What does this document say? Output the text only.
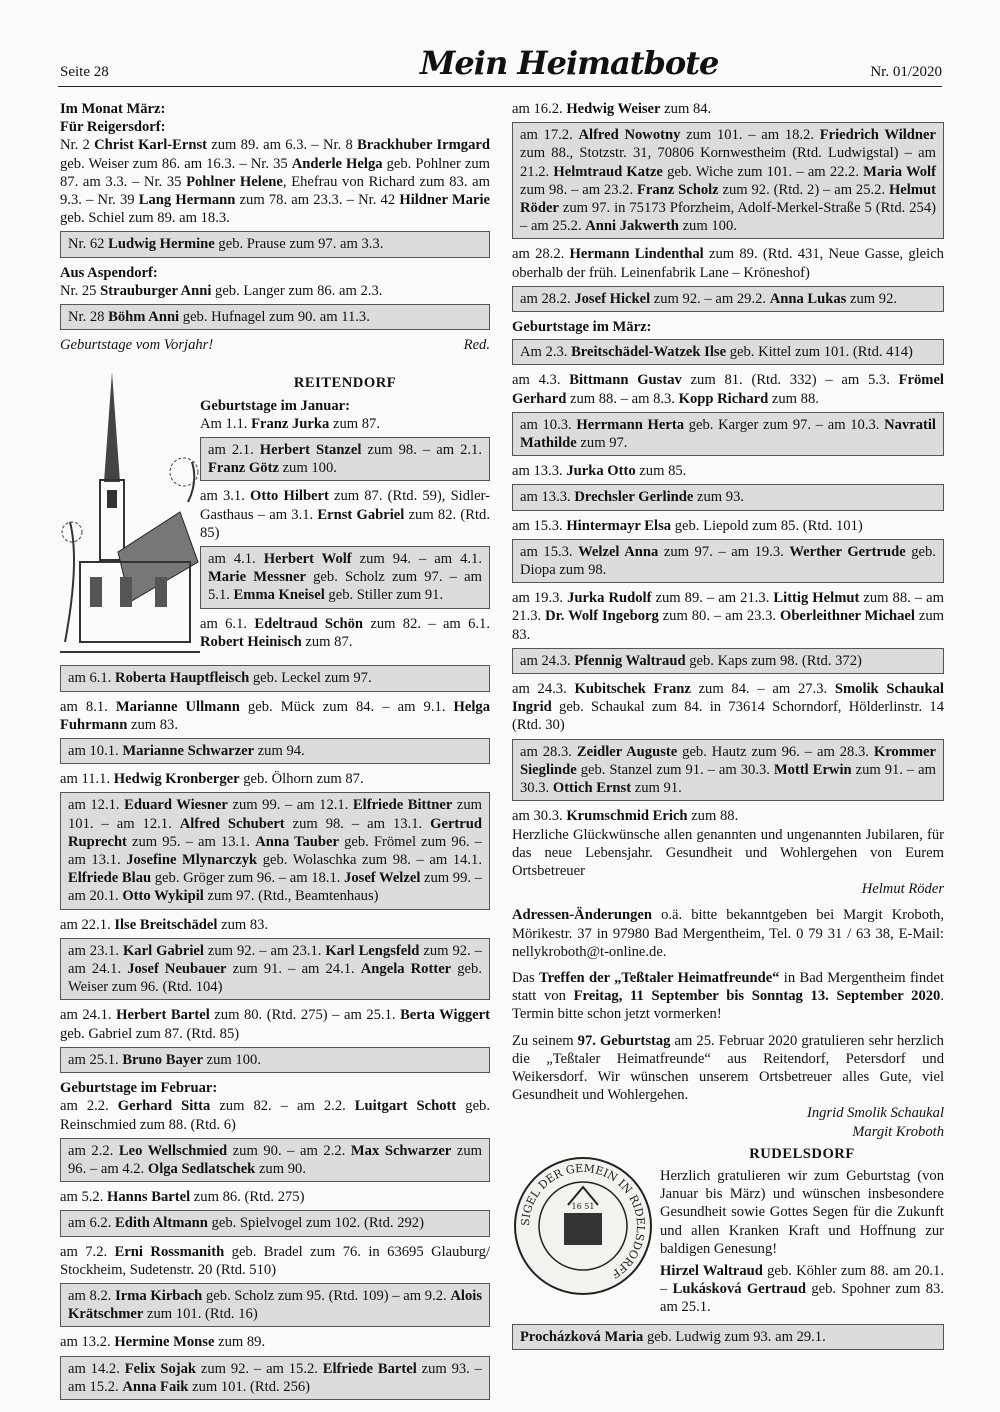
Seite 28	Mein Heimatbote	Nr. 01/2020
Im Monat März:
Für Reigersdorf:

Nr. 2 Christ Karl-Ernst zum 89. am 6.3. – Nr. 8 Brackhuber Irmgard geb. Weiser zum 86. am 16.3. – Nr. 35 Anderle Helga geb. Pohlner zum 87. am 3.3. – Nr. 35 Pohlner Helene, Ehefrau von Richard zum 83. am 9.3. – Nr. 39 Lang Hermann zum 78. am 23.3. – Nr. 42 Hildner Marie geb. Schiel zum 89. am 18.3.

Nr. 62 Ludwig Hermine geb. Prause zum 97. am 3.3.
Aus Aspendorf:

Nr. 25 Strauburger Anni geb. Langer zum 86. am 2.3.

Nr. 28 Böhm Anni geb. Hufnagel zum 90. am 11.3.
Geburtstage vom Vorjahr!	Red.
REITENDORF
Geburtstage im Januar:

Am 1.1. Franz Jurka zum 87.

am 2.1. Herbert Stanzel zum 98. – am 2.1. Franz Götz zum 100.

am 3.1. Otto Hilbert zum 87. (Rtd. 59), Sidler-Gasthaus – am 3.1. Ernst Gabriel zum 82. (Rtd. 85)

am 4.1. Herbert Wolf zum 94. – am 4.1. Marie Messner geb. Scholz zum 97. – am 5.1. Emma Kneisel geb. Stiller zum 91.

am 6.1. Edeltraud Schön zum 82. – am 6.1. Robert Heinisch zum 87.

am 6.1. Roberta Hauptfleisch geb. Leckel zum 97.

am 8.1. Marianne Ullmann geb. Mück zum 84. – am 9.1. Helga Fuhrmann zum 83.

am 10.1. Marianne Schwarzer zum 94.

am 11.1. Hedwig Kronberger geb. Ölhorn zum 87.

am 12.1. Eduard Wiesner zum 99. – am 12.1. Elfriede Bittner zum 101. – am 12.1. Alfred Schubert zum 98. – am 13.1. Gertrud Ruprecht zum 95. – am 13.1. Anna Tauber geb. Frömel zum 96. – am 13.1. Josefine Mlynarczyk geb. Wolaschka zum 98. – am 14.1. Elfriede Blau geb. Gröger zum 96. – am 18.1. Josef Welzel zum 99. – am 20.1. Otto Wykipil zum 97. (Rtd., Beamtenhaus)

am 22.1. Ilse Breitschädel zum 83.

am 23.1. Karl Gabriel zum 92. – am 23.1. Karl Lengsfeld zum 92. – am 24.1. Josef Neubauer zum 91. – am 24.1. Angela Rotter geb. Weiser zum 96. (Rtd. 104)

am 24.1. Herbert Bartel zum 80. (Rtd. 275) – am 25.1. Berta Wiggert geb. Gabriel zum 87. (Rtd. 85)

am 25.1. Bruno Bayer zum 100.
Geburtstage im Februar:

am 2.2. Gerhard Sitta zum 82. – am 2.2. Luitgart Schott geb. Reinschmied zum 88. (Rtd. 6)

am 2.2. Leo Wellschmied zum 90. – am 2.2. Max Schwarzer zum 96. – am 4.2. Olga Sedlatschek zum 90.

am 5.2. Hanns Bartel zum 86. (Rtd. 275)

am 6.2. Edith Altmann geb. Spielvogel zum 102. (Rtd. 292)

am 7.2. Erni Rossmanith geb. Bradel zum 76. in 63695 Glauburg/ Stockheim, Sudetenstr. 20 (Rtd. 510)

am 8.2. Irma Kirbach geb. Scholz zum 95. (Rtd. 109) – am 9.2. Alois Krätschmer zum 101. (Rtd. 16)

am 13.2. Hermine Monse zum 89.

am 14.2. Felix Sojak zum 92. – am 15.2. Elfriede Bartel zum 93. – am 15.2. Anna Faik zum 101. (Rtd. 256)

am 16.2. Hedwig Weiser zum 84.

am 17.2. Alfred Nowotny zum 101. – am 18.2. Friedrich Wildner zum 88., Stotzstr. 31, 70806 Kornwestheim (Rtd. Ludwigstal) – am 21.2. Helmtraud Katze geb. Wiche zum 101. – am 22.2. Maria Wolf zum 98. – am 23.2. Franz Scholz zum 92. (Rtd. 2) – am 25.2. Helmut Röder zum 97. in 75173 Pforzheim, Adolf-Merkel-Straße 5 (Rtd. 254) – am 25.2. Anni Jakwerth zum 100.

am 28.2. Hermann Lindenthal zum 89. (Rtd. 431, Neue Gasse, gleich oberhalb der früh. Leinenfabrik Lane – Kröneshof)

am 28.2. Josef Hickel zum 92. – am 29.2. Anna Lukas zum 92.
Geburtstage im März:
Am 2.3. Breitschädel-Watzek Ilse geb. Kittel zum 101. (Rtd. 414)

am 4.3. Bittmann Gustav zum 81. (Rtd. 332) – am 5.3. Frömel Gerhard zum 88. – am 8.3. Kopp Richard zum 88.

am 10.3. Herrmann Herta geb. Karger zum 97. – am 10.3. Navratil Mathilde zum 97.

am 13.3. Jurka Otto zum 85.

am 13.3. Drechsler Gerlinde zum 93.

am 15.3. Hintermayr Elsa geb. Liepold zum 85. (Rtd. 101)

am 15.3. Welzel Anna zum 97. – am 19.3. Werther Gertrude geb. Diopa zum 98.

am 19.3. Jurka Rudolf zum 89. – am 21.3. Littig Helmut zum 88. – am 21.3. Dr. Wolf Ingeborg zum 80. – am 23.3. Oberleithner Michael zum 83.

am 24.3. Pfennig Waltraud geb. Kaps zum 98. (Rtd. 372)

am 24.3. Kubitschek Franz zum 84. – am 27.3. Smolik Schaukal Ingrid geb. Schaukal zum 84. in 73614 Schorndorf, Hölderlinstr. 14 (Rtd. 30)

am 28.3. Zeidler Auguste geb. Hautz zum 96. – am 28.3. Krommer Sieglinde geb. Stanzel zum 91. – am 30.3. Mottl Erwin zum 91. – am 30.3. Ottich Ernst zum 91.

am 30.3. Krumschmid Erich zum 88.

Herzliche Glückwünsche allen genannten und ungenannten Jubilaren, für das neue Lebensjahr. Gesundheit und Wohlergehen von Eurem Ortsbetreuer

Helmut Röder

Adressen-Änderungen o.ä. bitte bekanntgeben bei Margit Kroboth, Mörikestr. 37 in 97980 Bad Mergentheim, Tel. 0 79 31 / 63 38, E-Mail: nellykroboth@t-online.de.

Das Treffen der „Teßtaler Heimatfreunde“ in Bad Mergentheim findet statt von Freitag, 11 September bis Sonntag 13. September 2020. Termin bitte schon jetzt vormerken!

Zu seinem 97. Geburtstag am 25. Februar 2020 gratulieren sehr herzlich die „Teßtaler Heimatfreunde“ aus Reitendorf, Petersdorf und Weikersdorf. Wir wünschen unserem Ortsbetreuer alles Gute, viel Gesundheit und Wohlergehen.

Ingrid Smolik Schaukal
Margit Kroboth
SIGEL DER GEMEIN IN RIDELSDORFF
16 51
RUDELSDORF

Herzlich gratulieren wir zum Geburtstag (von Januar bis März) und wünschen insbesondere Gesundheit sowie Gottes Segen für die Zukunft und allen Kranken Kraft und Hoffnung zur baldigen Genesung!

Hirzel Waltraud geb. Köhler zum 88. am 20.1. – Lukásková Gertraud geb. Spohner zum 83. am 25.1.

Procházková Maria geb. Ludwig zum 93. am 29.1.
